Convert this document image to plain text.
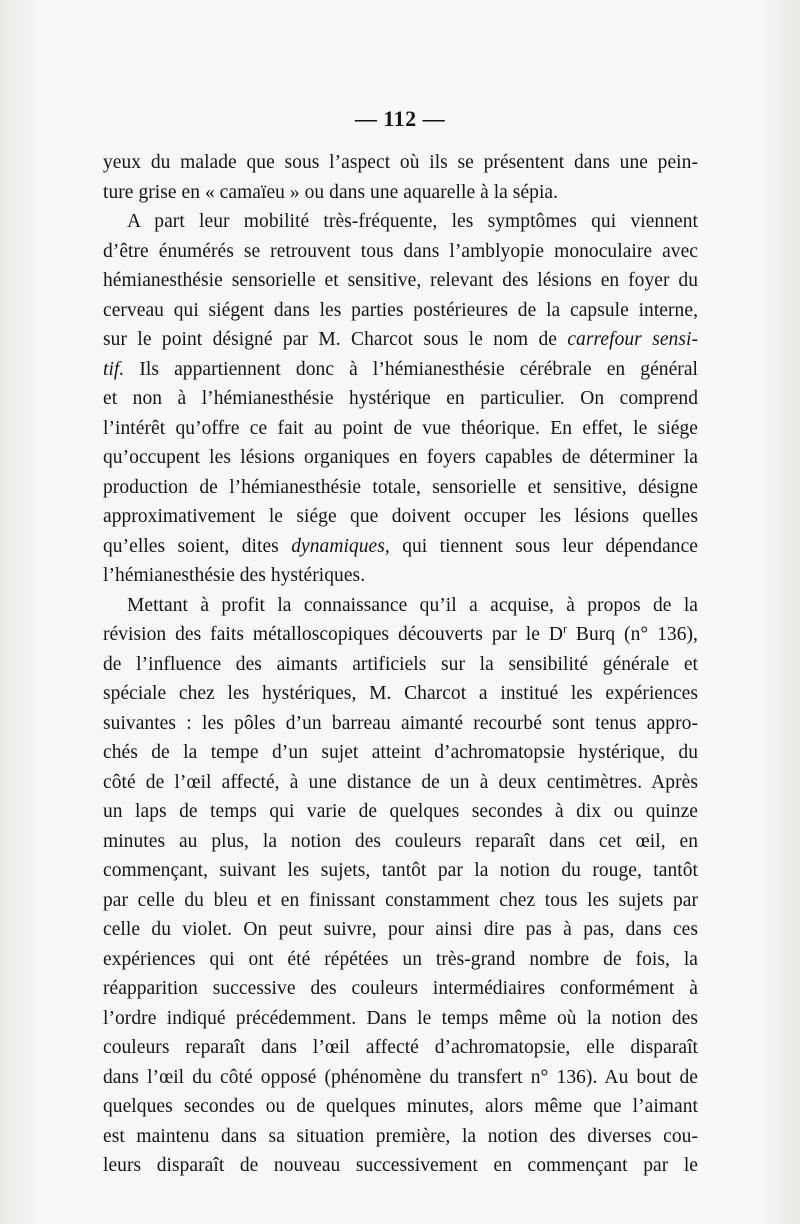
— 112 —
yeux du malade que sous l’aspect où ils se présentent dans une pein-
ture grise en « camaïeu » ou dans une aquarelle à la sépia.
A part leur mobilité très-fréquente, les symptômes qui viennent
d’être énumérés se retrouvent tous dans l’amblyopie monoculaire avec
hémianesthésie sensorielle et sensitive, relevant des lésions en foyer du
cerveau qui siégent dans les parties postérieures de la capsule interne,
sur le point désigné par M. Charcot sous le nom de carrefour sensi-
tif. Ils appartiennent donc à l’hémianesthésie cérébrale en général
et non à l’hémianesthésie hystérique en particulier. On comprend
l’intérêt qu’offre ce fait au point de vue théorique. En effet, le siége
qu’occupent les lésions organiques en foyers capables de déterminer la
production de l’hémianesthésie totale, sensorielle et sensitive, désigne
approximativement le siége que doivent occuper les lésions quelles
qu’elles soient, dites dynamiques, qui tiennent sous leur dépendance
l’hémianesthésie des hystériques.
Mettant à profit la connaissance qu’il a acquise, à propos de la
révision des faits métalloscopiques découverts par le $D^r$ Burq (n° 136),
de l’influence des aimants artificiels sur la sensibilité générale et
spéciale chez les hystériques, M. Charcot a institué les expériences
suivantes : les pôles d’un barreau aimanté recourbé sont tenus appro-
chés de la tempe d’un sujet atteint d’achromatopsie hystérique, du
côté de l’œil affecté, à une distance de un à deux centimètres. Après
un laps de temps qui varie de quelques secondes à dix ou quinze
minutes au plus, la notion des couleurs reparaît dans cet œil, en
commençant, suivant les sujets, tantôt par la notion du rouge, tantôt
par celle du bleu et en finissant constamment chez tous les sujets par
celle du violet. On peut suivre, pour ainsi dire pas à pas, dans ces
expériences qui ont été répétées un très-grand nombre de fois, la
réapparition successive des couleurs intermédiaires conformément à
l’ordre indiqué précédemment. Dans le temps même où la notion des
couleurs reparaît dans l’œil affecté d’achromatopsie, elle disparaît
dans l’œil du côté opposé (phénomène du transfert n° 136). Au bout de
quelques secondes ou de quelques minutes, alors même que l’aimant
est maintenu dans sa situation première, la notion des diverses cou-
leurs disparaît de nouveau successivement en commençant par le
